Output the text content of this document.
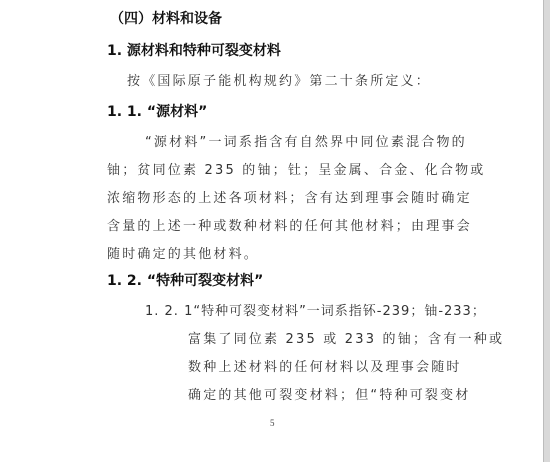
（四）材料和设备
1. 源材料和特种可裂变材料
按《国际原子能机构规约》第二十条所定义：
1. 1. “源材料”
“源材料”一词系指含有自然界中同位素混合物的
铀；贫同位素 235 的铀；钍；呈金属、合金、化合物或
浓缩物形态的上述各项材料；含有达到理事会随时确定
含量的上述一种或数种材料的任何其他材料；由理事会
随时确定的其他材料。
1. 2. “特种可裂变材料”
1. 2. 1“特种可裂变材料”一词系指钚-239；铀-233；
富集了同位素 235 或 233 的铀；含有一种或
数种上述材料的任何材料以及理事会随时
确定的其他可裂变材料；但“特种可裂变材
5
